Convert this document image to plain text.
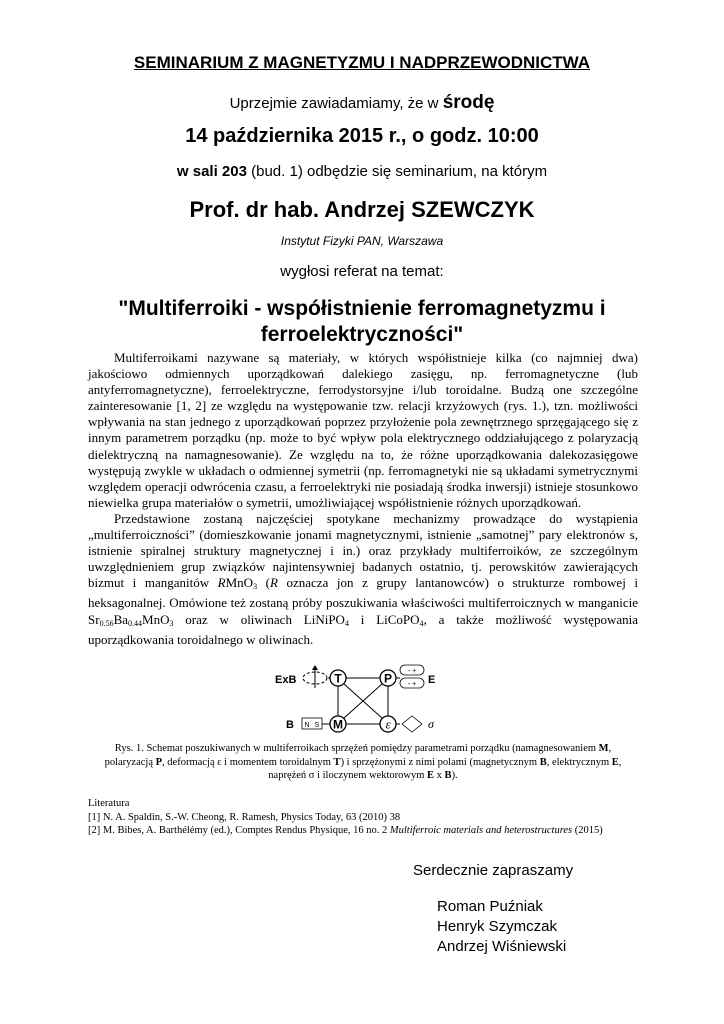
SEMINARIUM Z MAGNETYZMU I NADPRZEWODNICTWA
Uprzejmie zawiadamiamy, że w środę
14 października 2015 r., o godz. 10:00
w sali 203 (bud. 1) odbędzie się seminarium, na którym
Prof. dr hab. Andrzej SZEWCZYK
Instytut Fizyki PAN, Warszawa
wygłosi referat na temat:
"Multiferroiki - współistnienie ferromagnetyzmu i ferroelektryczności"

Multiferroikami nazywane są materiały, w których współistnieje kilka (co najmniej dwa) jakościowo odmiennych uporządkowań dalekiego zasięgu, np. ferromagnetyczne (lub antyferromagnetyczne), ferroelektryczne, ferrodystorsyjne i/lub toroidalne. Budzą one szczególne zainteresowanie [1, 2] ze względu na występowanie tzw. relacji krzyżowych (rys. 1.), tzn. możliwości wpływania na stan jednego z uporządkowań poprzez przyłożenie pola zewnętrznego sprzęgającego się z innym parametrem porządku (np. może to być wpływ pola elektrycznego oddziałującego z polaryzacją dielektryczną na namagnesowanie). Ze względu na to, że różne uporządkowania dalekozasięgowe występują zwykle w układach o odmiennej symetrii (np. ferromagnetyki nie są układami symetrycznymi względem operacji odwrócenia czasu, a ferroelektryki nie posiadają środka inwersji) istnieje stosunkowo niewielka grupa materiałów o symetrii, umożliwiającej współistnienie różnych uporządkowań.

Przedstawione zostaną najczęściej spotykane mechanizmy prowadzące do wystąpienia „multiferroiczności” (domieszkowanie jonami magnetycznymi, istnienie „samotnej” pary elektronów s, istnienie spiralnej struktury magnetycznej i in.) oraz przykłady multiferroików, ze szczególnym uwzględnieniem grup związków najintensywniej badanych ostatnio, tj. perowskitów zawierających bizmut i manganitów RMnO$_3$ (R oznacza jon z grupy lantanowców) o strukturze rombowej i heksagonalnej. Omówione też zostaną próby poszukiwania właściwości multiferroicznych w manganicie $Sr_{0.56}Ba_{0.44}MnO_3$ oraz w oliwinach LiNiPO$_4$ i LiCoPO$_4$, a także możliwość występowania uporządkowania toroidalnego w oliwinach.

T	P
M	ε
ExB
- +
- + E
B N S	σ
Rys. 1. Schemat poszukiwanych w multiferroikach sprzężeń pomiędzy parametrami porządku (namagnesowaniem M, polaryzacją P, deformacją ε i momentem toroidalnym T) i sprzężonymi z nimi polami (magnetycznym B, elektrycznym E, naprężeń σ i iloczynem wektorowym E x B).
Literatura
[1] N. A. Spaldin, S.-W. Cheong, R. Ramesh, Physics Today, 63 (2010) 38
[2] M. Bibes, A. Barthélémy (ed.), Comptes Rendus Physique, 16 no. 2 Multiferroic materials and heterostructures (2015)
Serdecznie zapraszamy
Roman Puźniak
Henryk Szymczak
Andrzej Wiśniewski
